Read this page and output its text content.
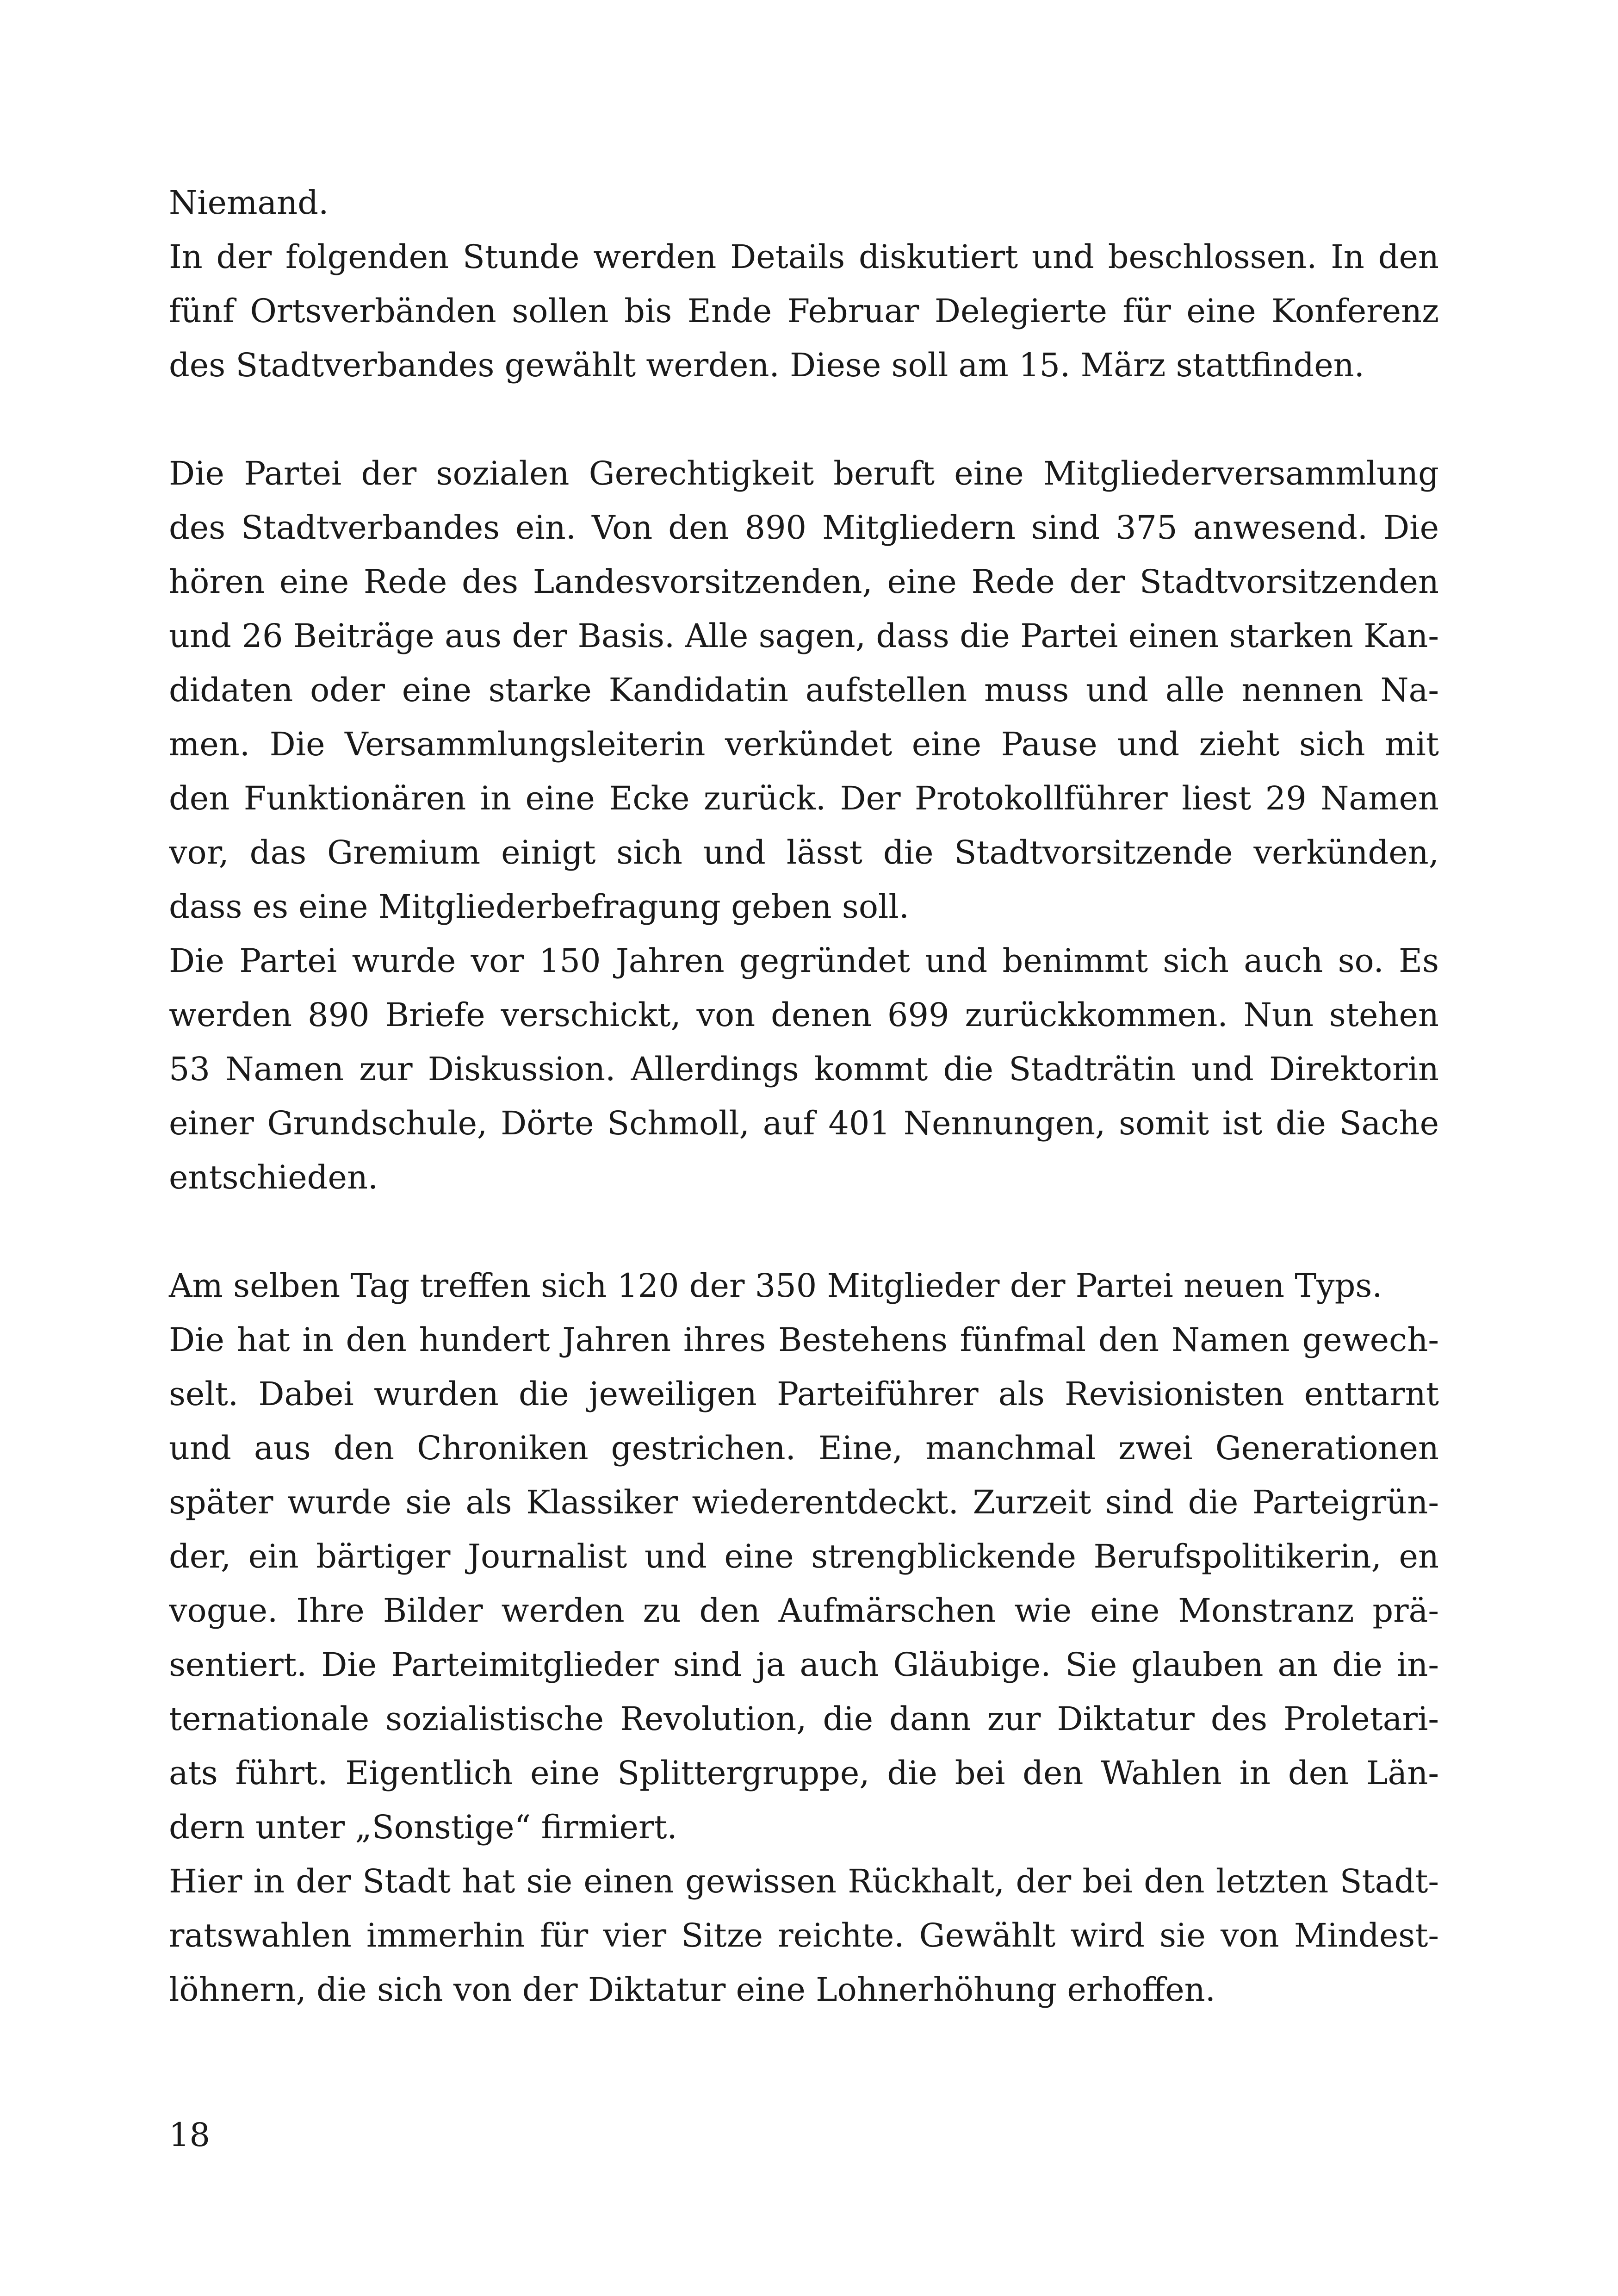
Niemand.
In der folgenden Stunde werden Details diskutiert und beschlossen. In den
fünf Ortsverbänden sollen bis Ende Februar Delegierte für eine Konferenz
des Stadtverbandes gewählt werden. Diese soll am 15. März stattfinden.
Die Partei der sozialen Gerechtigkeit beruft eine Mitgliederversammlung
des Stadtverbandes ein. Von den 890 Mitgliedern sind 375 anwesend. Die
hören eine Rede des Landesvorsitzenden, eine Rede der Stadtvorsitzenden
und 26 Beiträge aus der Basis. Alle sagen, dass die Partei einen starken Kan-
didaten oder eine starke Kandidatin aufstellen muss und alle nennen Na-
men. Die Versammlungsleiterin verkündet eine Pause und zieht sich mit
den Funktionären in eine Ecke zurück. Der Protokollführer liest 29 Namen
vor, das Gremium einigt sich und lässt die Stadtvorsitzende verkünden,
dass es eine Mitgliederbefragung geben soll.
Die Partei wurde vor 150 Jahren gegründet und benimmt sich auch so. Es
werden 890 Briefe verschickt, von denen 699 zurückkommen. Nun stehen
53 Namen zur Diskussion. Allerdings kommt die Stadträtin und Direktorin
einer Grundschule, Dörte Schmoll, auf 401 Nennungen, somit ist die Sache
entschieden.
Am selben Tag treffen sich 120 der 350 Mitglieder der Partei neuen Typs.
Die hat in den hundert Jahren ihres Bestehens fünfmal den Namen gewech-
selt. Dabei wurden die jeweiligen Parteiführer als Revisionisten enttarnt
und aus den Chroniken gestrichen. Eine, manchmal zwei Generationen
später wurde sie als Klassiker wiederentdeckt. Zurzeit sind die Parteigrün-
der, ein bärtiger Journalist und eine strengblickende Berufspolitikerin, en
vogue. Ihre Bilder werden zu den Aufmärschen wie eine Monstranz prä-
sentiert. Die Parteimitglieder sind ja auch Gläubige. Sie glauben an die in-
ternationale sozialistische Revolution, die dann zur Diktatur des Proletari-
ats führt. Eigentlich eine Splittergruppe, die bei den Wahlen in den Län-
dern unter „Sonstige“ firmiert.
Hier in der Stadt hat sie einen gewissen Rückhalt, der bei den letzten Stadt-
ratswahlen immerhin für vier Sitze reichte. Gewählt wird sie von Mindest-
löhnern, die sich von der Diktatur eine Lohnerhöhung erhoffen.
18
